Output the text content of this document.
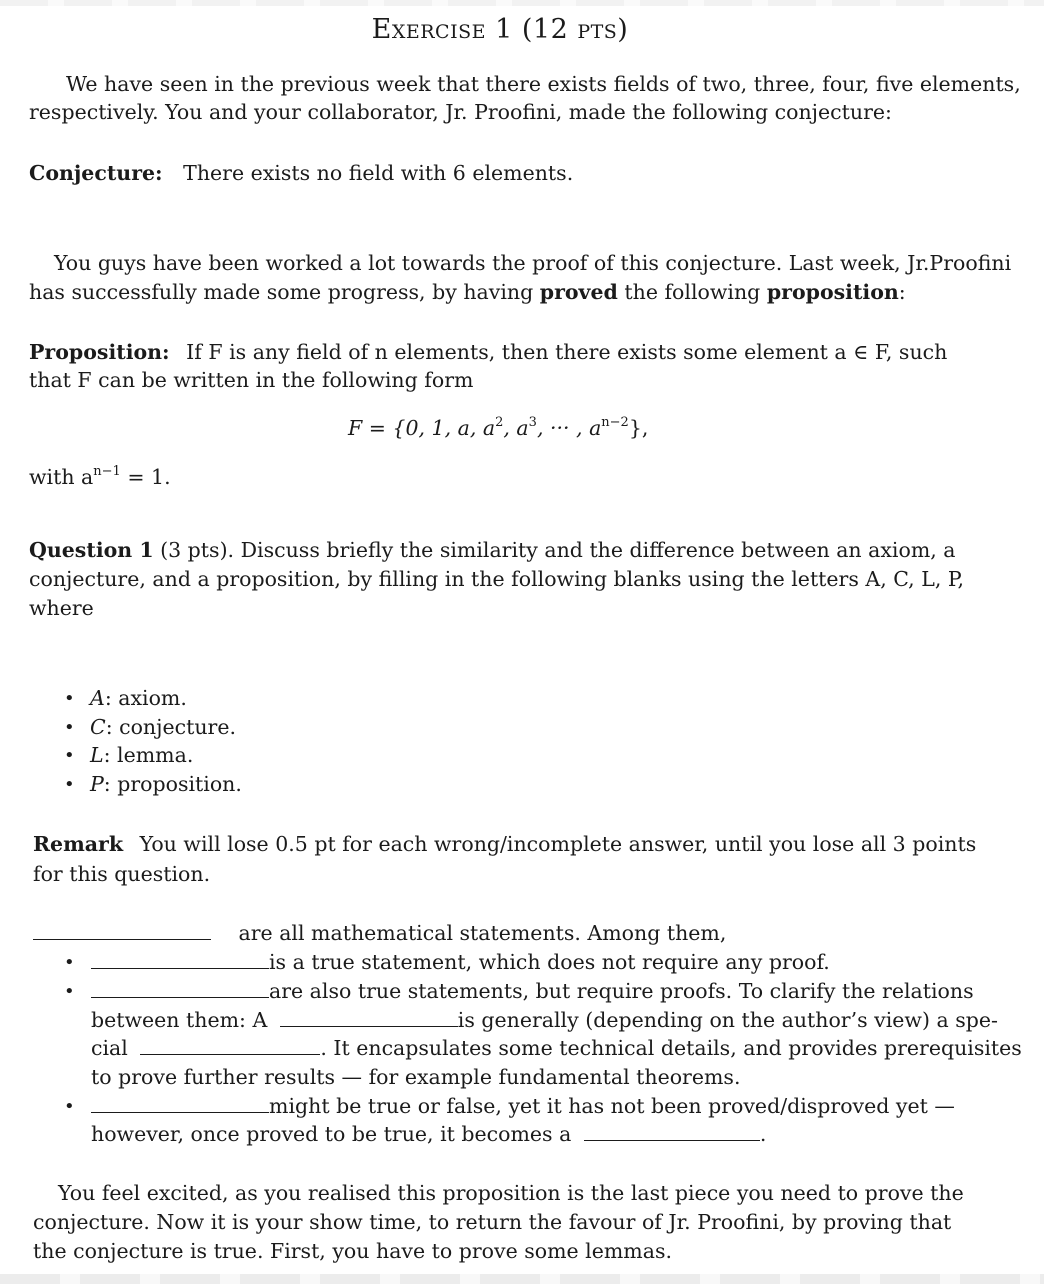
Exercise 1 (12 pts)
We have seen in the previous week that there exists fields of two, three, four, five elements,
respectively. You and your collaborator, Jr. Proofini, made the following conjecture:
Conjecture: There exists no field with 6 elements.
You guys have been worked a lot towards the proof of this conjecture. Last week, Jr.Proofini
has successfully made some progress, by having proved the following proposition:
Proposition: If F is any field of n elements, then there exists some element a ∈ F, such
that F can be written in the following form
F = {0, 1, a, $a^2$, $a^3$, ··· , $a^{n-2}$},
with $a^{n-1} = 1$.
Question 1 (3 pts). Discuss briefly the similarity and the difference between an axiom, a
conjecture, and a proposition, by filling in the following blanks using the letters A, C, L, P,
where
• A: axiom.
• C: conjecture.
• L: lemma.
• P: proposition.
Remark You will lose 0.5 pt for each wrong/incomplete answer, until you lose all 3 points
for this question.
are all mathematical statements. Among them,
•	is a true statement, which does not require any proof.
•	are also true statements, but require proofs. To clarify the relations
between them: A	is generally (depending on the author’s view) a spe-
cial	. It encapsulates some technical details, and provides prerequisites
to prove further results — for example fundamental theorems.
•	might be true or false, yet it has not been proved/disproved yet —
however, once proved to be true, it becomes a	.
You feel excited, as you realised this proposition is the last piece you need to prove the
conjecture. Now it is your show time, to return the favour of Jr. Proofini, by proving that
the conjecture is true. First, you have to prove some lemmas.
